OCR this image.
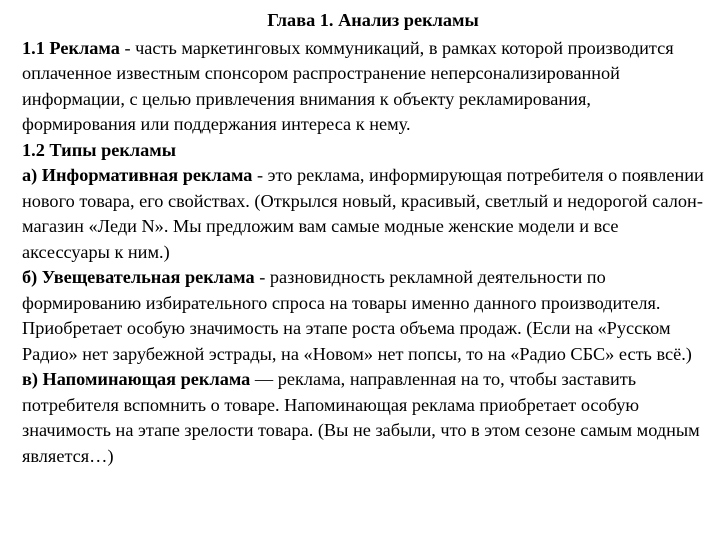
Глава 1. Анализ рекламы

1.1 Реклама - часть маркетинговых коммуникаций, в рамках которой производится оплаченное известным спонсором распространение неперсонализированной информации, с целью привлечения внимания к объекту рекламирования, формирования или поддержания интереса к нему.

1.2 Типы рекламы

а) Информативная реклама - это реклама, информирующая потребителя о появлении нового товара, его свойствах. (Открылся новый, красивый, светлый и недорогой салон-магазин «Леди N». Мы предложим вам самые модные женские модели и все аксессуары к ним.)

б) Увещевательная реклама - разновидность рекламной деятельности по формированию избирательного спроса на товары именно данного производителя. Приобретает особую значимость на этапе роста объема продаж. (Если на «Русском Радио» нет зарубежной эстрады, на «Новом» нет попсы, то на «Радио СБС» есть всё.)

в) Напоминающая реклама — реклама, направленная на то, чтобы заставить потребителя вспомнить о товаре. Напоминающая реклама приобретает особую значимость на этапе зрелости товара. (Вы не забыли, что в этом сезоне самым модным является…)
